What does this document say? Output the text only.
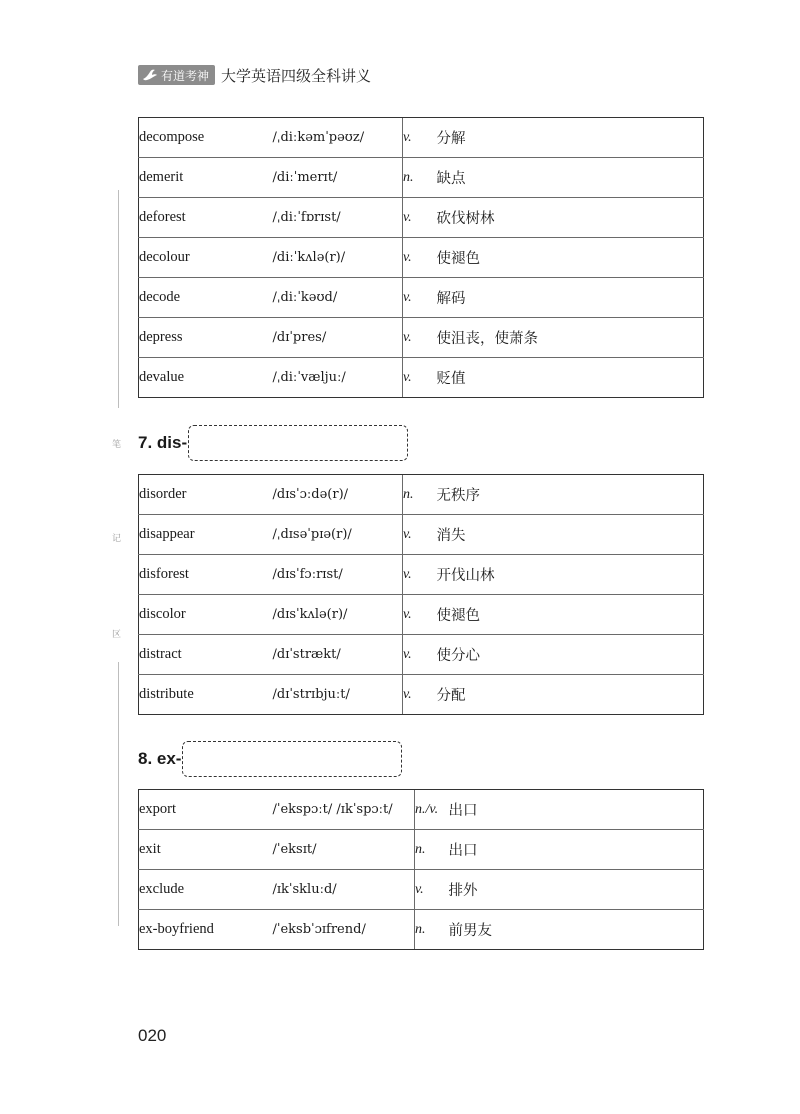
有道考神 大学英语四级全科讲义
笔
记
区
decompose	/ˌdiːkəmˈpəʊz/	v.	分解
demerit	/diːˈmerɪt/	n.	缺点
deforest	/ˌdiːˈfɒrɪst/	v.	砍伐树林
decolour	/diːˈkʌlə(r)/	v.	使褪色
decode	/ˌdiːˈkəʊd/	v.	解码
depress	/dɪˈpres/	v.	使沮丧，使萧条
devalue	/ˌdiːˈvæljuː/	v.	贬值
7. dis-
disorder	/dɪsˈɔːdə(r)/	n.	无秩序
disappear	/ˌdɪsəˈpɪə(r)/	v.	消失
disforest	/dɪsˈfɔːrɪst/	v.	开伐山林
discolor	/dɪsˈkʌlə(r)/	v.	使褪色
distract	/dɪˈstrækt/	v.	使分心
distribute	/dɪˈstrɪbjuːt/	v.	分配
8. ex-
export	/ˈekspɔːt/ /ɪkˈspɔːt/	n./v.	出口
exit	/ˈeksɪt/	n.	出口
exclude	/ɪkˈskluːd/	v.	排外
ex-boyfriend	/ˈeksbˈɔɪfrend/	n.	前男友
020
